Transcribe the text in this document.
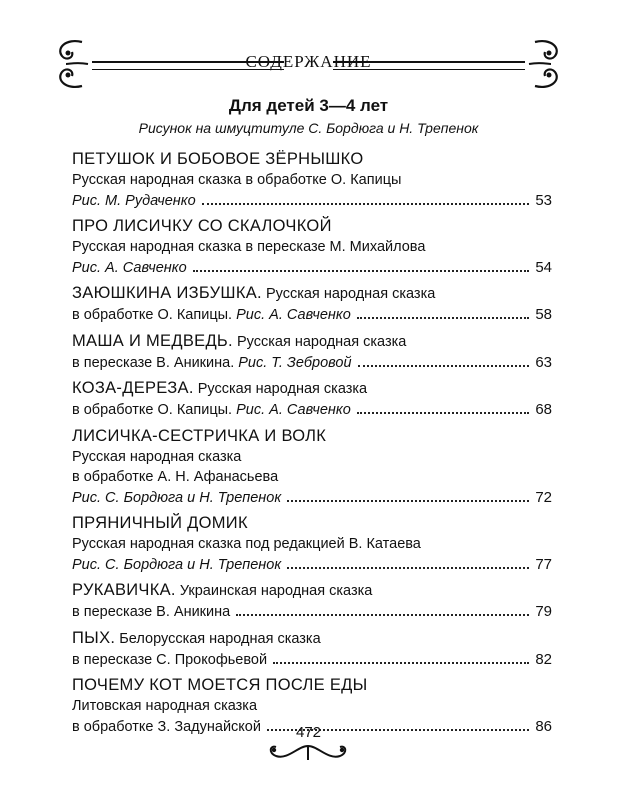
СОДЕРЖАНИЕ
Для детей 3—4 лет
Рисунок на шмуцтитуле С. Бордюга и Н. Трепенок
ПЕТУШОК И БОБОВОЕ ЗЁРНЫШКО
Русская народная сказка в обработке О. Капицы
Рис. М. Рудаченко	53
ПРО ЛИСИЧКУ СО СКАЛОЧКОЙ
Русская народная сказка в пересказе М. Михайлова
Рис. А. Савченко	54
ЗАЮШКИНА ИЗБУШКА. Русская народная сказка
в обработке О. Капицы. Рис. А. Савченко	58
МАША И МЕДВЕДЬ. Русская народная сказка
в пересказе В. Аникина. Рис. Т. Зебровой	63
КОЗА-ДЕРЕЗА. Русская народная сказка
в обработке О. Капицы. Рис. А. Савченко	68
ЛИСИЧКА-СЕСТРИЧКА И ВОЛК
Русская народная сказка
в обработке А. Н. Афанасьева
Рис. С. Бордюга и Н. Трепенок	72
ПРЯНИЧНЫЙ ДОМИК
Русская народная сказка под редакцией В. Катаева
Рис. С. Бордюга и Н. Трепенок	77
РУКАВИЧКА. Украинская народная сказка
в пересказе В. Аникина	79
ПЫХ. Белорусская народная сказка
в пересказе С. Прокофьевой	82
ПОЧЕМУ КОТ МОЕТСЯ ПОСЛЕ ЕДЫ
Литовская народная сказка
в обработке З. Задунайской	86
472
